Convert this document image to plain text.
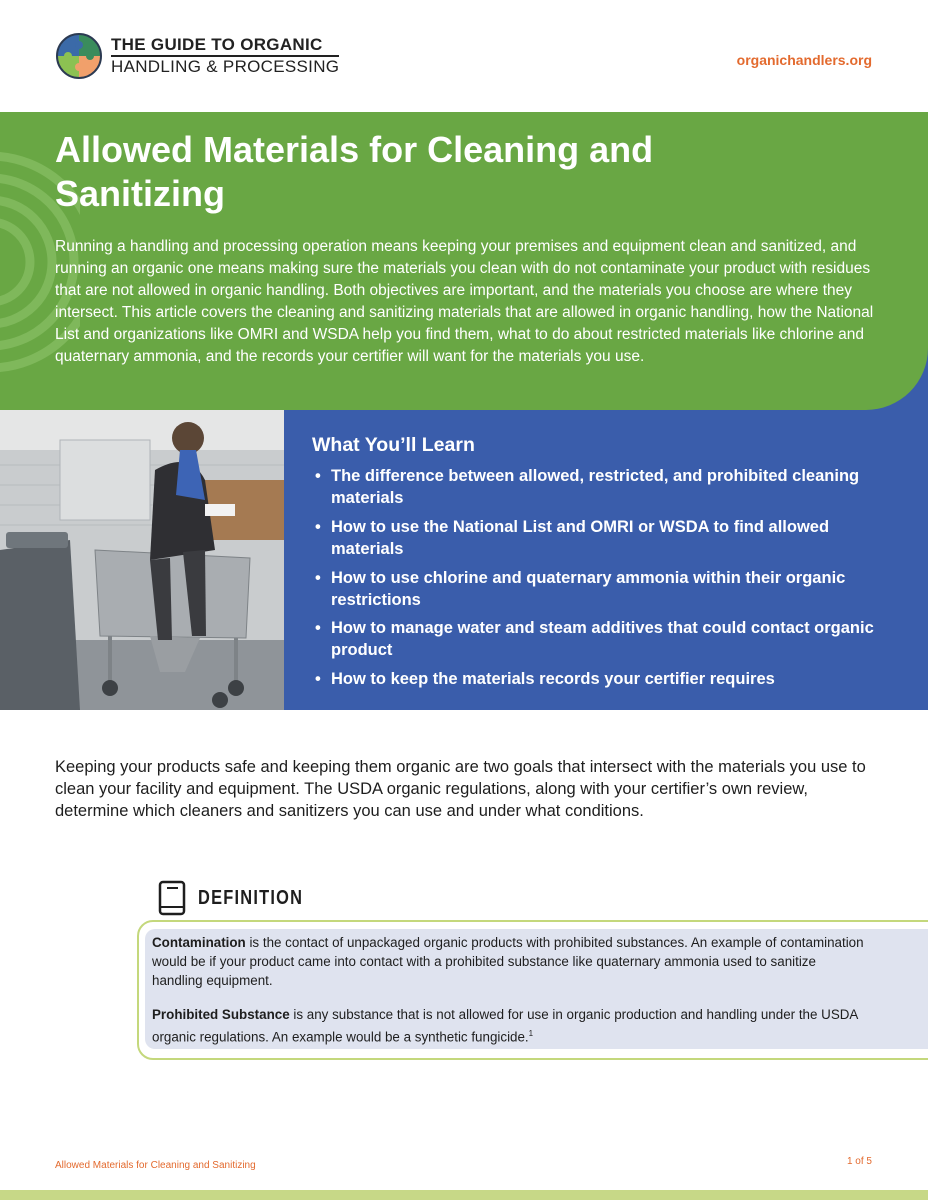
THE GUIDE TO ORGANIC
HANDLING & PROCESSING	organichandlers.org
Allowed Materials for Cleaning and Sanitizing

Running a handling and processing operation means keeping your premises and equipment clean and sanitized, and running an organic one means making sure the materials you clean with do not contaminate your product with residues that are not allowed in organic handling. Both objectives are important, and the materials you choose are where they intersect. This article covers the cleaning and sanitizing materials that are allowed in organic handling, how the National List and organizations like OMRI and WSDA help you find them, what to do about restricted materials like chlorine and quaternary ammonia, and the records your certifier will want for the materials you use.

What You’ll Learn
• The difference between allowed, restricted, and prohibited cleaning materials
• How to use the National List and OMRI or WSDA to find allowed materials
• How to use chlorine and quaternary ammonia within their organic restrictions
• How to manage water and steam additives that could contact organic product
• How to keep the materials records your certifier requires

Keeping your products safe and keeping them organic are two goals that intersect with the materials you use to clean your facility and equipment. The USDA organic regulations, along with your certifier’s own review, determine which cleaners and sanitizers you can use and under what conditions.

DEFINITION

Contamination is the contact of unpackaged organic products with prohibited substances. An example of contamination would be if your product came into contact with a prohibited substance like quaternary ammonia used to sanitize handling equipment.

Prohibited Substance is any substance that is not allowed for use in organic production and handling under the USDA organic regulations. An example would be a synthetic fungicide.$^1$

Allowed Materials for Cleaning and Sanitizing	1 of 5
